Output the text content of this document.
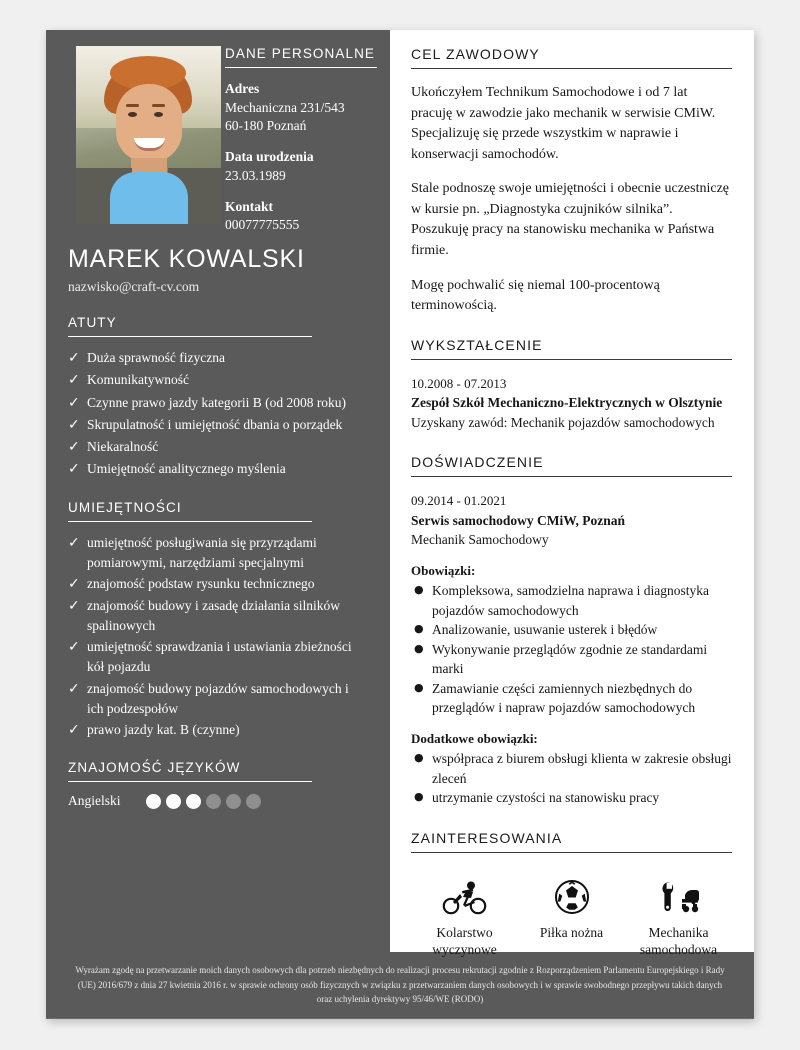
DANE PERSONALNE
Adres
Mechaniczna 231/543
60-180 Poznań
Data urodzenia
23.03.1989
Kontakt
00077775555
MAREK KOWALSKI
nazwisko@craft-cv.com
ATUTY
✓ Duża sprawność fizyczna
✓ Komunikatywność
✓ Czynne prawo jazdy kategorii B (od 2008 roku)
✓ Skrupulatność i umiejętność dbania o porządek
✓ Niekaralność
✓ Umiejętność analitycznego myślenia
UMIEJĘTNOŚCI
✓ umiejętność posługiwania się przyrządami pomiarowymi, narzędziami specjalnymi
✓ znajomość podstaw rysunku technicznego
✓ znajomość budowy i zasadę działania silników spalinowych
✓ umiejętność sprawdzania i ustawiania zbieżności kół pojazdu
✓ znajomość budowy pojazdów samochodowych i ich podzespołów
✓ prawo jazdy kat. B (czynne)
ZNAJOMOŚĆ JĘZYKÓW
Angielski
CEL ZAWODOWY

Ukończyłem Technikum Samochodowe i od 7 lat pracuję w zawodzie jako mechanik w serwisie CMiW. Specjalizuję się przede wszystkim w naprawie i konserwacji samochodów.

Stale podnoszę swoje umiejętności i obecnie uczestniczę w kursie pn. „Diagnostyka czujników silnika”. Poszukuję pracy na stanowisku mechanika w Państwa firmie.

Mogę pochwalić się niemal 100-procentową terminowością.

WYKSZTAŁCENIE
10.2008 - 07.2013
Zespół Szkół Mechaniczno-Elektrycznych w Olsztynie
Uzyskany zawód: Mechanik pojazdów samochodowych
DOŚWIADCZENIE
09.2014 - 01.2021
Serwis samochodowy CMiW, Poznań
Mechanik Samochodowy
Obowiązki:
● Kompleksowa, samodzielna naprawa i diagnostyka pojazdów samochodowych
● Analizowanie, usuwanie usterek i błędów
● Wykonywanie przeglądów zgodnie ze standardami marki
● Zamawianie części zamiennych niezbędnych do przeglądów i napraw pojazdów samochodowych
Dodatkowe obowiązki:
● współpraca z biurem obsługi klienta w zakresie obsługi zleceń
● utrzymanie czystości na stanowisku pracy
ZAINTERESOWANIA
Kolarstwo
wyczynowe
Piłka nożna	Mechanika
samochodowa

Wyrażam zgodę na przetwarzanie moich danych osobowych dla potrzeb niezbędnych do realizacji procesu rekrutacji zgodnie z Rozporządzeniem Parlamentu Europejskiego i Rady (UE) 2016/679 z dnia 27 kwietnia 2016 r. w sprawie ochrony osób fizycznych w związku z przetwarzaniem danych osobowych i w sprawie swobodnego przepływu takich danych oraz uchylenia dyrektywy 95/46/WE (RODO)
